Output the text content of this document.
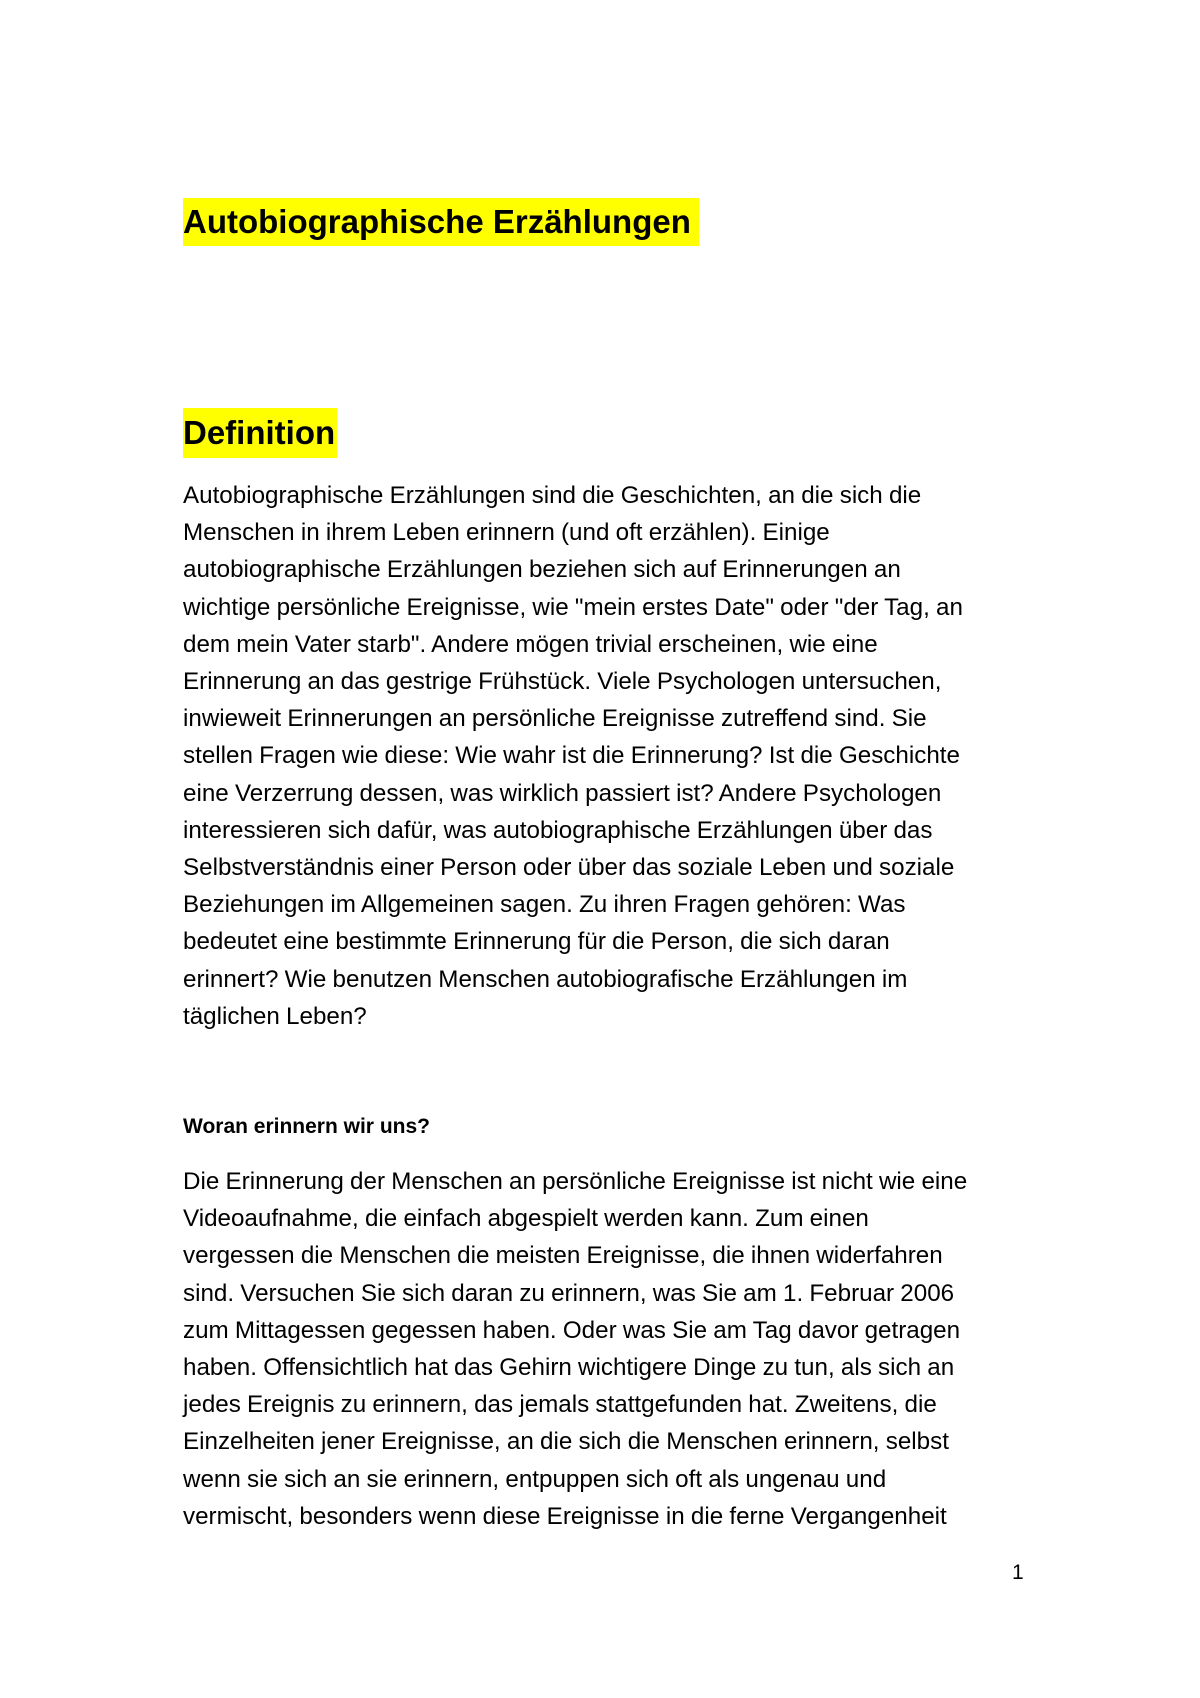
Autobiographische Erzählungen
Definition

Autobiographische Erzählungen sind die Geschichten, an die sich die
Menschen in ihrem Leben erinnern (und oft erzählen). Einige
autobiographische Erzählungen beziehen sich auf Erinnerungen an
wichtige persönliche Ereignisse, wie "mein erstes Date" oder "der Tag, an
dem mein Vater starb". Andere mögen trivial erscheinen, wie eine
Erinnerung an das gestrige Frühstück. Viele Psychologen untersuchen,
inwieweit Erinnerungen an persönliche Ereignisse zutreffend sind. Sie
stellen Fragen wie diese: Wie wahr ist die Erinnerung? Ist die Geschichte
eine Verzerrung dessen, was wirklich passiert ist? Andere Psychologen
interessieren sich dafür, was autobiographische Erzählungen über das
Selbstverständnis einer Person oder über das soziale Leben und soziale
Beziehungen im Allgemeinen sagen. Zu ihren Fragen gehören: Was
bedeutet eine bestimmte Erinnerung für die Person, die sich daran
erinnert? Wie benutzen Menschen autobiografische Erzählungen im
täglichen Leben?

Woran erinnern wir uns?

Die Erinnerung der Menschen an persönliche Ereignisse ist nicht wie eine
Videoaufnahme, die einfach abgespielt werden kann. Zum einen
vergessen die Menschen die meisten Ereignisse, die ihnen widerfahren
sind. Versuchen Sie sich daran zu erinnern, was Sie am 1. Februar 2006
zum Mittagessen gegessen haben. Oder was Sie am Tag davor getragen
haben. Offensichtlich hat das Gehirn wichtigere Dinge zu tun, als sich an
jedes Ereignis zu erinnern, das jemals stattgefunden hat. Zweitens, die
Einzelheiten jener Ereignisse, an die sich die Menschen erinnern, selbst
wenn sie sich an sie erinnern, entpuppen sich oft als ungenau und
vermischt, besonders wenn diese Ereignisse in die ferne Vergangenheit

1
